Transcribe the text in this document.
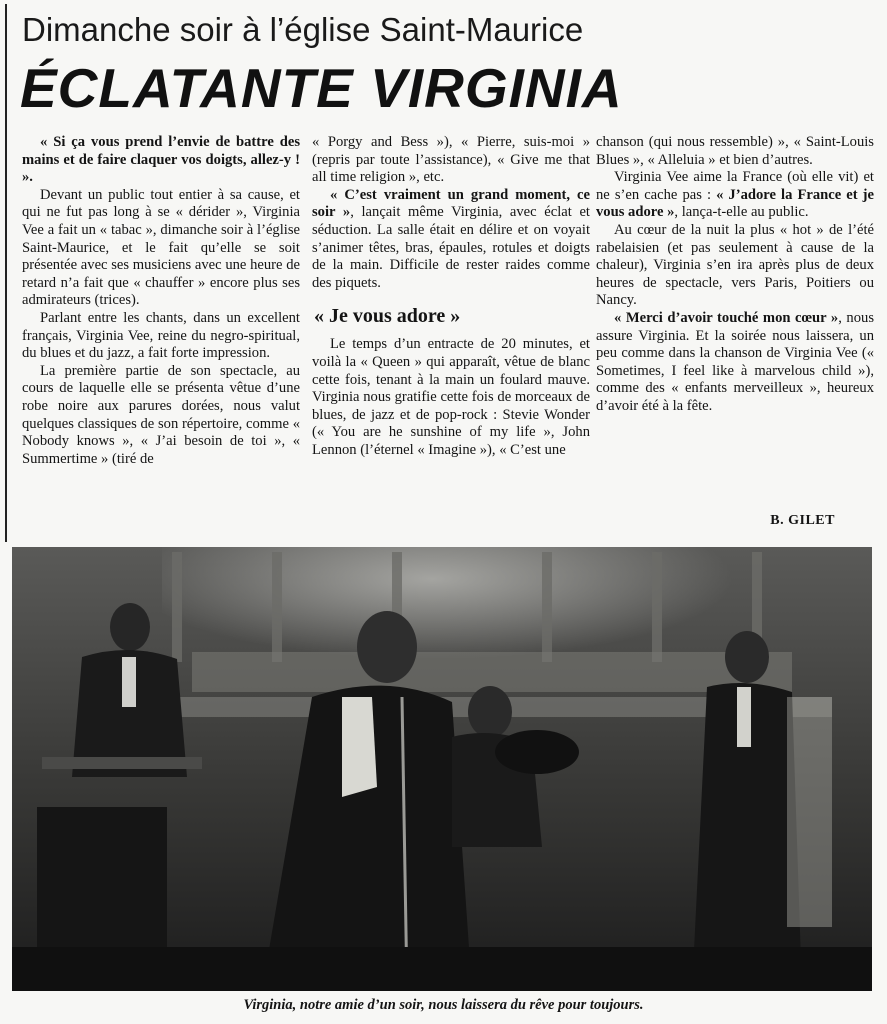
Dimanche soir à l’église Saint-Maurice
ÉCLATANTE VIRGINIA

« Si ça vous prend l’envie de battre des mains et de faire claquer vos doigts, allez-y ! ».

Devant un public tout entier à sa cause, et qui ne fut pas long à se « dérider », Virginia Vee a fait un « tabac », dimanche soir à l’église Saint-Maurice, et le fait qu’elle se soit présentée avec ses musiciens avec une heure de retard n’a fait que « chauffer » encore plus ses admirateurs (trices).

Parlant entre les chants, dans un excellent français, Virginia Vee, reine du negro-spiritual, du blues et du jazz, a fait forte impression.

La première partie de son spectacle, au cours de laquelle elle se présenta vêtue d’une robe noire aux parures dorées, nous valut quelques classiques de son répertoire, comme « Nobody knows », « J’ai besoin de toi », « Summertime » (tiré de

« Porgy and Bess »), « Pierre, suis-moi » (repris par toute l’assistance), « Give me that all time religion », etc.

« C’est vraiment un grand moment, ce soir », lançait même Virginia, avec éclat et séduction. La salle était en délire et on voyait s’animer têtes, bras, épaules, rotules et doigts de la main. Difficile de rester raides comme des piquets.

« Je vous adore »

Le temps d’un entracte de 20 minutes, et voilà la « Queen » qui apparaît, vêtue de blanc cette fois, tenant à la main un foulard mauve. Virginia nous gratifie cette fois de morceaux de blues, de jazz et de pop-rock : Stevie Wonder (« You are he sunshine of my life », John Lennon (l’éternel « Imagine »), « C’est une

chanson (qui nous ressemble) », « Saint-Louis Blues », « Alleluia » et bien d’autres.

Virginia Vee aime la France (où elle vit) et ne s’en cache pas : « J’adore la France et je vous adore », lança-t-elle au public.

Au cœur de la nuit la plus « hot » de l’été rabelaisien (et pas seulement à cause de la chaleur), Virginia s’en ira après plus de deux heures de spectacle, vers Paris, Poitiers ou Nancy.

« Merci d’avoir touché mon cœur », nous assure Virginia. Et la soirée nous laissera, un peu comme dans la chanson de Virginia Vee (« Sometimes, I feel like à marvelous child »), comme des « enfants merveilleux », heureux d’avoir été à la fête.

B. GILET
Virginia, notre amie d’un soir, nous laissera du rêve pour toujours.
